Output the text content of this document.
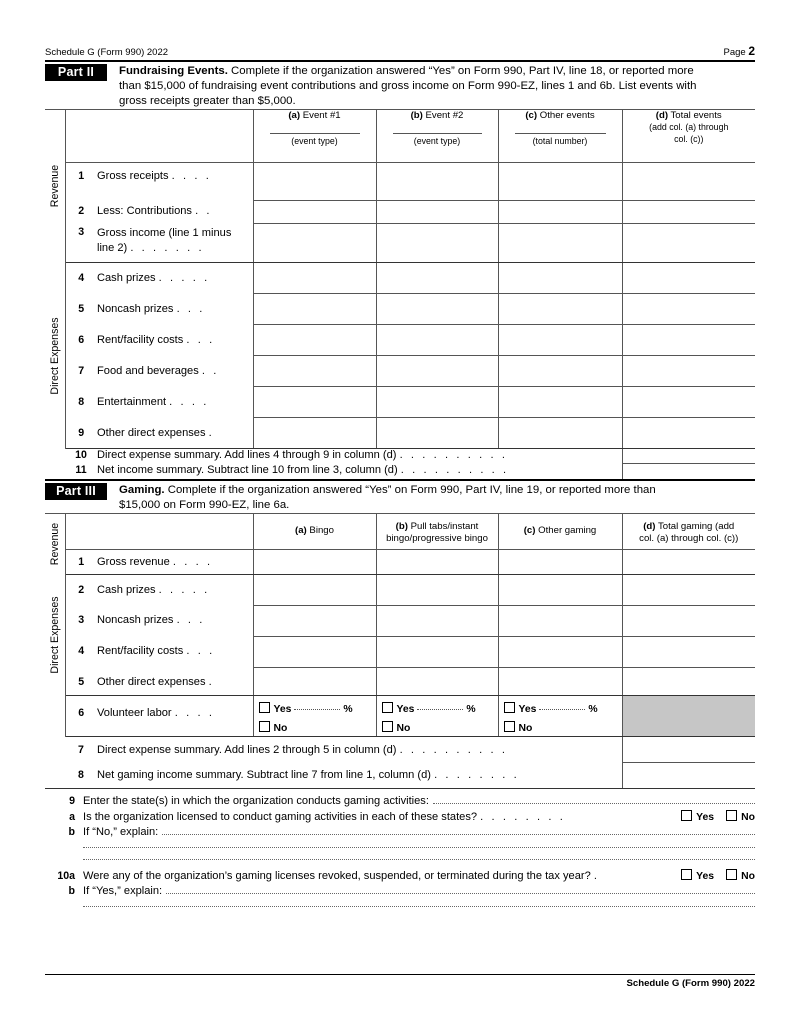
Schedule G (Form 990) 2022	Page 2
Part II	Fundraising Events. Complete if the organization answered “Yes” on Form 990, Part IV, line 18, or reported more
than $15,000 of fundraising event contributions and gross income on Form 990-EZ, lines 1 and 6b. List events with
gross receipts greater than $5,000.
Revenue			(a) Event #1
(event type)	(b) Event #2
(event type)	(c) Other events
(total number)	(d) Total events
(add col. (a) through
col. (c))
	1	Gross receipts . . . .				
	2	Less: Contributions . .				
	3	Gross income (line 1 minus
line 2) . . . . . . .				

Direct Expenses	4	Cash prizes . . . . .				
	5	Noncash prizes . . .				
	6	Rent/facility costs . . .				
	7	Food and beverages . .				
	8	Entertainment . . . .				
	9	Other direct expenses .				
	10	Direct expense summary. Add lines 4 through 9 in column (d) . . . . . . . . . .				
	11	Net income summary. Subtract line 10 from line 3, column (d) . . . . . . . . . .				
Part III	Gaming. Complete if the organization answered “Yes” on Form 990, Part IV, line 19, or reported more than
$15,000 on Form 990-EZ, line 6a.
Revenue			(a) Bingo	(b) Pull tabs/instant
bingo/progressive bingo	(c) Other gaming	(d) Total gaming (add
col. (a) through col. (c))
	1	Gross revenue . . . .				

Direct Expenses	2	Cash prizes . . . . .				
	3	Noncash prizes . . .				
	4	Rent/facility costs . . .				
	5	Other direct expenses .				
	6	Volunteer labor . . . .	Yes	%
No

Yes	%
No

Yes	%
No

	7	Direct expense summary. Add lines 2 through 5 in column (d) . . . . . . . . . .				
	8	Net gaming income summary. Subtract line 7 from line 1, column (d) . . . . . . . .				
9 Enter the state(s) in which the organization conducts gaming activities:
a Is the organization licensed to conduct gaming activities in each of these states? . . . . . . . .	Yes	No
b If “No,” explain:
10a Were any of the organization’s gaming licenses revoked, suspended, or terminated during the tax year? .	Yes	No
b If “Yes,” explain:
Schedule G (Form 990) 2022
